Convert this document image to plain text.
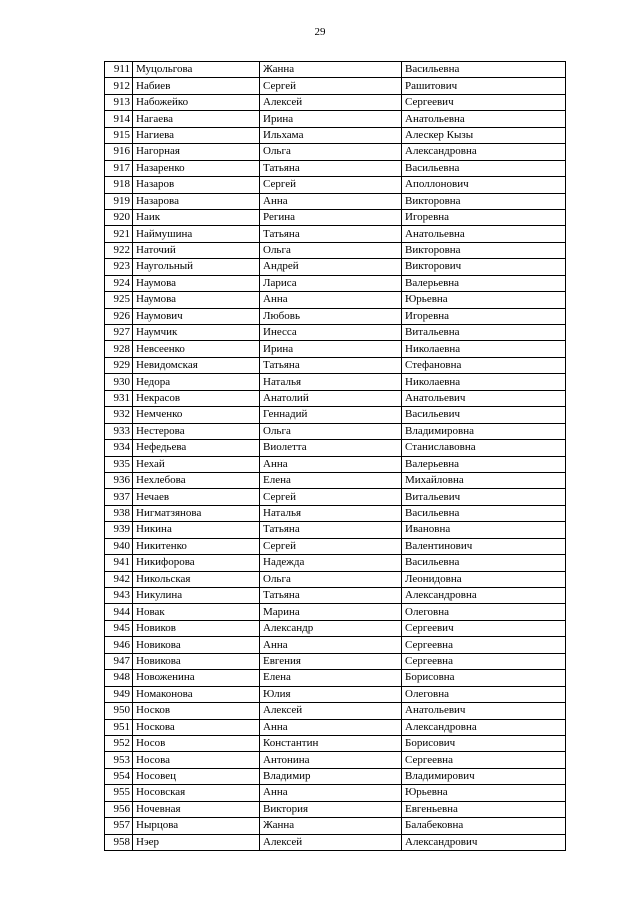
29
911	Муцольгова	Жанна	Васильевна
912	Набиев	Сергей	Рашитович
913	Набожейко	Алексей	Сергеевич
914	Нагаева	Ирина	Анатольевна
915	Нагиева	Ильхама	Алескер Кызы
916	Нагорная	Ольга	Александровна
917	Назаренко	Татьяна	Васильевна
918	Назаров	Сергей	Аполлонович
919	Назарова	Анна	Викторовна
920	Наик	Регина	Игоревна
921	Наймушина	Татьяна	Анатольевна
922	Наточий	Ольга	Викторовна
923	Наугольный	Андрей	Викторович
924	Наумова	Лариса	Валерьевна
925	Наумова	Анна	Юрьевна
926	Наумович	Любовь	Игоревна
927	Наумчик	Инесса	Витальевна
928	Невсеенко	Ирина	Николаевна
929	Невидомская	Татьяна	Стефановна
930	Недора	Наталья	Николаевна
931	Некрасов	Анатолий	Анатольевич
932	Немченко	Геннадий	Васильевич
933	Нестерова	Ольга	Владимировна
934	Нефедьева	Виолетта	Станиславовна
935	Нехай	Анна	Валерьевна
936	Нехлебова	Елена	Михайловна
937	Нечаев	Сергей	Витальевич
938	Нигматзянова	Наталья	Васильевна
939	Никина	Татьяна	Ивановна
940	Никитенко	Сергей	Валентинович
941	Никифорова	Надежда	Васильевна
942	Никольская	Ольга	Леонидовна
943	Никулина	Татьяна	Александровна
944	Новак	Марина	Олеговна
945	Новиков	Александр	Сергеевич
946	Новикова	Анна	Сергеевна
947	Новикова	Евгения	Сергеевна
948	Новоженина	Елена	Борисовна
949	Номаконова	Юлия	Олеговна
950	Носков	Алексей	Анатольевич
951	Носкова	Анна	Александровна
952	Носов	Константин	Борисович
953	Носова	Антонина	Сергеевна
954	Носовец	Владимир	Владимирович
955	Носовская	Анна	Юрьевна
956	Ночевная	Виктория	Евгеньевна
957	Нырцова	Жанна	Балабековна
958	Нэер	Алексей	Александрович
